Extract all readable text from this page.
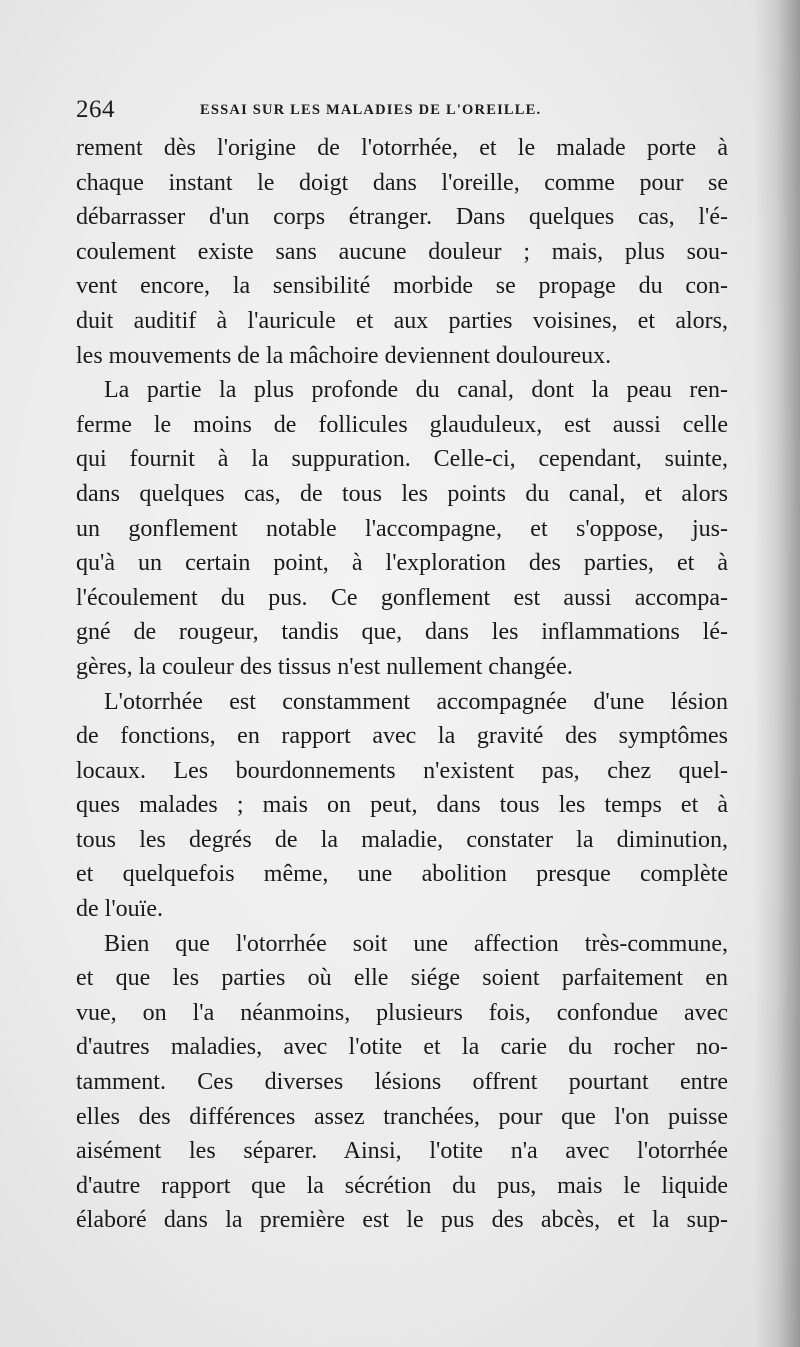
264	ESSAI SUR LES MALADIES DE L'OREILLE.
rement dès l'origine de l'otorrhée, et le malade porte à
chaque instant le doigt dans l'oreille, comme pour se
débarrasser d'un corps étranger. Dans quelques cas, l'é-
coulement existe sans aucune douleur ; mais, plus sou-
vent encore, la sensibilité morbide se propage du con-
duit auditif à l'auricule et aux parties voisines, et alors,
les mouvements de la mâchoire deviennent douloureux.
La partie la plus profonde du canal, dont la peau ren-
ferme le moins de follicules glauduleux, est aussi celle
qui fournit à la suppuration. Celle-ci, cependant, suinte,
dans quelques cas, de tous les points du canal, et alors
un gonflement notable l'accompagne, et s'oppose, jus-
qu'à un certain point, à l'exploration des parties, et à
l'écoulement du pus. Ce gonflement est aussi accompa-
gné de rougeur, tandis que, dans les inflammations lé-
gères, la couleur des tissus n'est nullement changée.
L'otorrhée est constamment accompagnée d'une lésion
de fonctions, en rapport avec la gravité des symptômes
locaux. Les bourdonnements n'existent pas, chez quel-
ques malades ; mais on peut, dans tous les temps et à
tous les degrés de la maladie, constater la diminution,
et quelquefois même, une abolition presque complète
de l'ouïe.
Bien que l'otorrhée soit une affection très-commune,
et que les parties où elle siége soient parfaitement en
vue, on l'a néanmoins, plusieurs fois, confondue avec
d'autres maladies, avec l'otite et la carie du rocher no-
tamment. Ces diverses lésions offrent pourtant entre
elles des différences assez tranchées, pour que l'on puisse
aisément les séparer. Ainsi, l'otite n'a avec l'otorrhée
d'autre rapport que la sécrétion du pus, mais le liquide
élaboré dans la première est le pus des abcès, et la sup-
